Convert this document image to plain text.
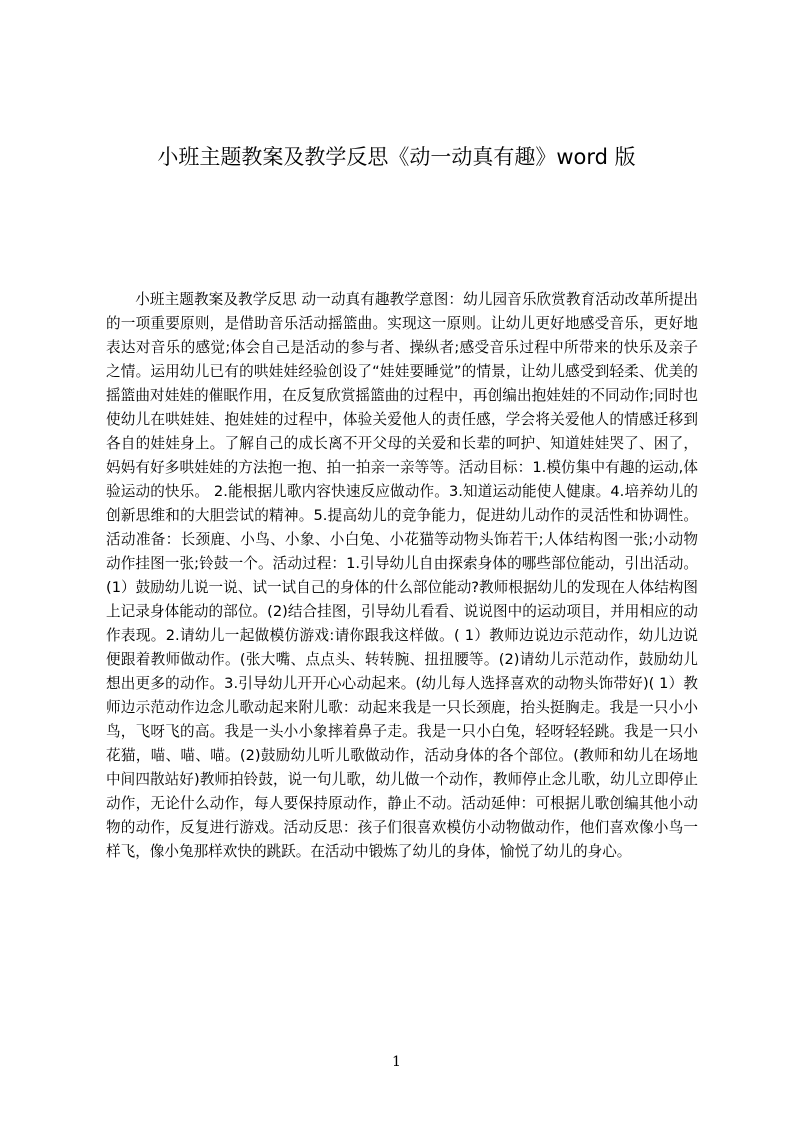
小班主题教案及教学反思《动一动真有趣》word 版

小班主题教案及教学反思 动一动真有趣教学意图：幼儿园音乐欣赏教育活动改革所提出的一项重要原则，是借助音乐活动摇篮曲。实现这一原则。让幼儿更好地感受音乐，更好地表达对音乐的感觉;体会自己是活动的参与者、操纵者;感受音乐过程中所带来的快乐及亲子之情。运用幼儿已有的哄娃娃经验创设了“娃娃要睡觉”的情景，让幼儿感受到轻柔、优美的摇篮曲对娃娃的催眠作用，在反复欣赏摇篮曲的过程中，再创编出抱娃娃的不同动作;同时也使幼儿在哄娃娃、抱娃娃的过程中，体验关爱他人的责任感，学会将关爱他人的情感迁移到各自的娃娃身上。了解自己的成长离不开父母的关爱和长辈的呵护、知道娃娃哭了、困了，妈妈有好多哄娃娃的方法抱一抱、拍一拍亲一亲等等。活动目标：1.模仿集中有趣的运动,体验运动的快乐。 2.能根据儿歌内容快速反应做动作。3.知道运动能使人健康。4.培养幼儿的创新思维和的大胆尝试的精神。5.提高幼儿的竞争能力，促进幼儿动作的灵活性和协调性。活动准备：长颈鹿、小鸟、小象、小白兔、小花猫等动物头饰若干;人体结构图一张;小动物动作挂图一张;铃鼓一个。活动过程：1.引导幼儿自由探索身体的哪些部位能动，引出活动。(1）鼓励幼儿说一说、试一试自己的身体的什么部位能动?教师根据幼儿的发现在人体结构图上记录身体能动的部位。(2)结合挂图，引导幼儿看看、说说图中的运动项目，并用相应的动作表现。2.请幼儿一起做模仿游戏:请你跟我这样做。( 1）教师边说边示范动作，幼儿边说便跟着教师做动作。(张大嘴、点点头、转转腕、扭扭腰等。(2)请幼儿示范动作，鼓励幼儿想出更多的动作。3.引导幼儿开开心心动起来。(幼儿每人选择喜欢的动物头饰带好)( 1）教师边示范动作边念儿歌动起来附儿歌：动起来我是一只长颈鹿，抬头挺胸走。我是一只小小鸟，飞呀飞的高。我是一头小小象摔着鼻子走。我是一只小白兔，轻呀轻轻跳。我是一只小花猫，喵、喵、喵。(2)鼓励幼儿听儿歌做动作，活动身体的各个部位。(教师和幼儿在场地中间四散站好)教师拍铃鼓，说一句儿歌，幼儿做一个动作，教师停止念儿歌，幼儿立即停止动作，无论什么动作，每人要保持原动作，静止不动。活动延伸：可根据儿歌创编其他小动物的动作，反复进行游戏。活动反思：孩子们很喜欢模仿小动物做动作，他们喜欢像小鸟一样飞，像小兔那样欢快的跳跃。在活动中锻炼了幼儿的身体，愉悦了幼儿的身心。

1
